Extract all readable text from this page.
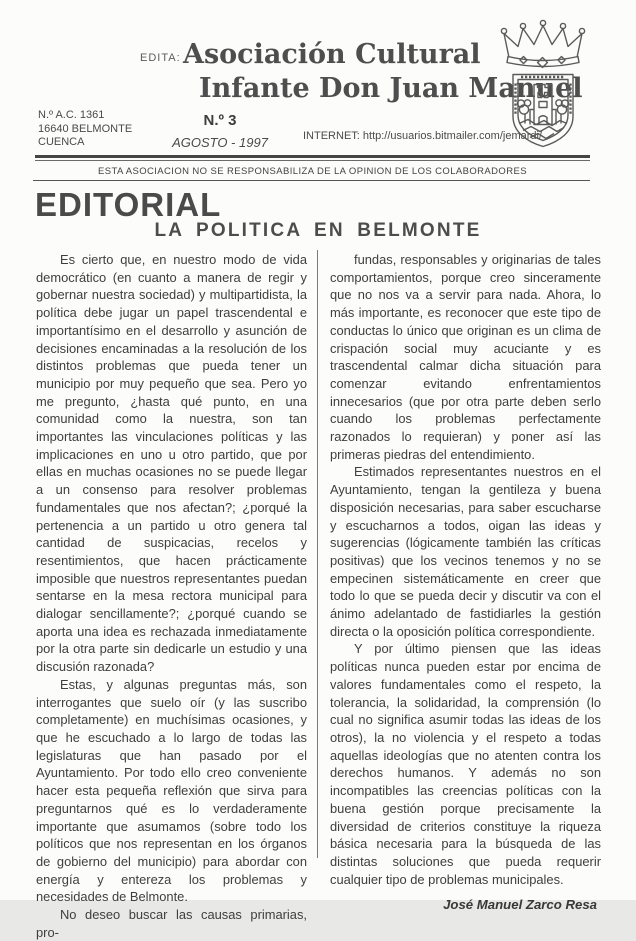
EDITA: Asociación Cultural
Infante Don Juan Manuel
N.º A.C. 1361
16640 BELMONTE
CUENCA
N.º 3
AGOSTO - 1997	INTERNET: http://usuarios.bitmailer.com/jemardi/
ESTA ASOCIACION NO SE RESPONSABILIZA DE LA OPINION DE LOS COLABORADORES
EDITORIAL
LA POLITICA EN BELMONTE

Es cierto que, en nuestro modo de vida democrático (en cuanto a manera de regir y gobernar nuestra sociedad) y multipartidista, la política debe jugar un papel trascendental e importantísimo en el desarrollo y asunción de decisiones encaminadas a la resolución de los distintos problemas que pueda tener un municipio por muy pequeño que sea. Pero yo me pregunto, ¿hasta qué punto, en una comunidad como la nuestra, son tan importantes las vinculaciones políticas y las implicaciones en uno u otro partido, que por ellas en muchas ocasiones no se puede llegar a un consenso para resolver problemas fundamentales que nos afectan?; ¿porqué la pertenencia a un partido u otro genera tal cantidad de suspicacias, recelos y resentimientos, que hacen prácticamente imposible que nuestros representantes puedan sentarse en la mesa rectora municipal para dialogar sencillamente?; ¿porqué cuando se aporta una idea es rechazada inmediatamente por la otra parte sin dedicarle un estudio y una discusión razonada?

Estas, y algunas preguntas más, son interrogantes que suelo oír (y las suscribo completamente) en muchísimas ocasiones, y que he escuchado a lo largo de todas las legislaturas que han pasado por el Ayuntamiento. Por todo ello creo conveniente hacer esta pequeña reflexión que sirva para preguntarnos qué es lo verdaderamente importante que asumamos (sobre todo los políticos que nos representan en los órganos de gobierno del municipio) para abordar con energía y entereza los problemas y necesidades de Belmonte.

No deseo buscar las causas primarias, pro-

fundas, responsables y originarias de tales comportamientos, porque creo sinceramente que no nos va a servir para nada. Ahora, lo más importante, es reconocer que este tipo de conductas lo único que originan es un clima de crispación social muy acuciante y es trascendental calmar dicha situación para comenzar evitando enfrentamientos innecesarios (que por otra parte deben serlo cuando los problemas perfectamente razonados lo requieran) y poner así las primeras piedras del entendimiento.

Estimados representantes nuestros en el Ayuntamiento, tengan la gentileza y buena disposición necesarias, para saber escucharse y escucharnos a todos, oigan las ideas y sugerencias (lógicamente también las críticas positivas) que los vecinos tenemos y no se empecinen sistemáticamente en creer que todo lo que se pueda decir y discutir va con el ánimo adelantado de fastidiarles la gestión directa o la oposición política correspondiente.

Y por último piensen que las ideas políticas nunca pueden estar por encima de valores fundamentales como el respeto, la tolerancia, la solidaridad, la comprensión (lo cual no significa asumir todas las ideas de los otros), la no violencia y el respeto a todas aquellas ideologías que no atenten contra los derechos humanos. Y además no son incompatibles las creencias políticas con la buena gestión porque precisamente la diversidad de criterios constituye la riqueza básica necesaria para la búsqueda de las distintas soluciones que pueda requerir cualquier tipo de problemas municipales.

José Manuel Zarco Resa
